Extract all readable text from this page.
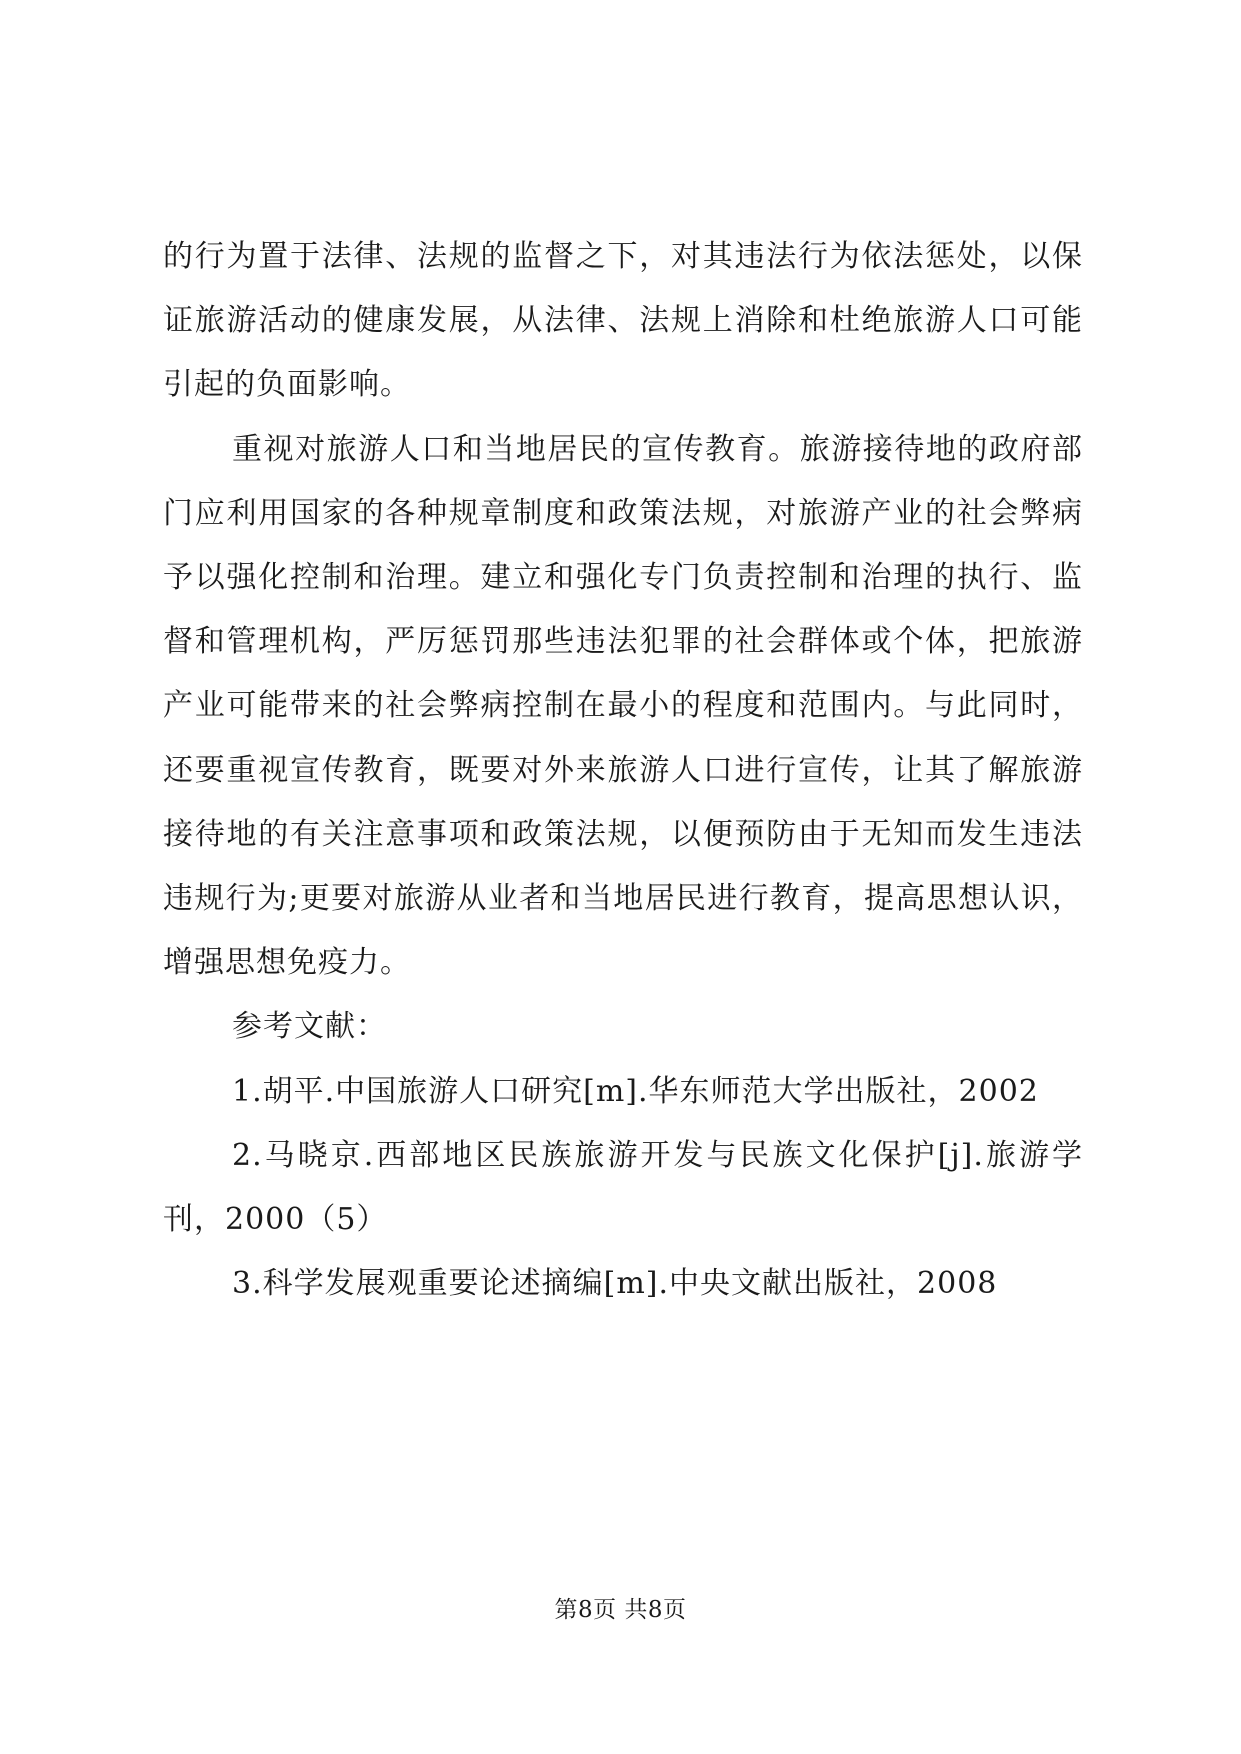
的行为置于法律、法规的监督之下，对其违法行为依法惩处，以保证旅游活动的健康发展，从法律、法规上消除和杜绝旅游人口可能引起的负面影响。

重视对旅游人口和当地居民的宣传教育。旅游接待地的政府部门应利用国家的各种规章制度和政策法规，对旅游产业的社会弊病予以强化控制和治理。建立和强化专门负责控制和治理的执行、监督和管理机构，严厉惩罚那些违法犯罪的社会群体或个体，把旅游产业可能带来的社会弊病控制在最小的程度和范围内。与此同时，还要重视宣传教育，既要对外来旅游人口进行宣传，让其了解旅游接待地的有关注意事项和政策法规，以便预防由于无知而发生违法违规行为;更要对旅游从业者和当地居民进行教育，提高思想认识，增强思想免疫力。

参考文献：

1.胡平.中国旅游人口研究[m].华东师范大学出版社，2002

2.马晓京.西部地区民族旅游开发与民族文化保护[j].旅游学刊，2000（5）

3.科学发展观重要论述摘编[m].中央文献出版社，2008

第8页 共8页
